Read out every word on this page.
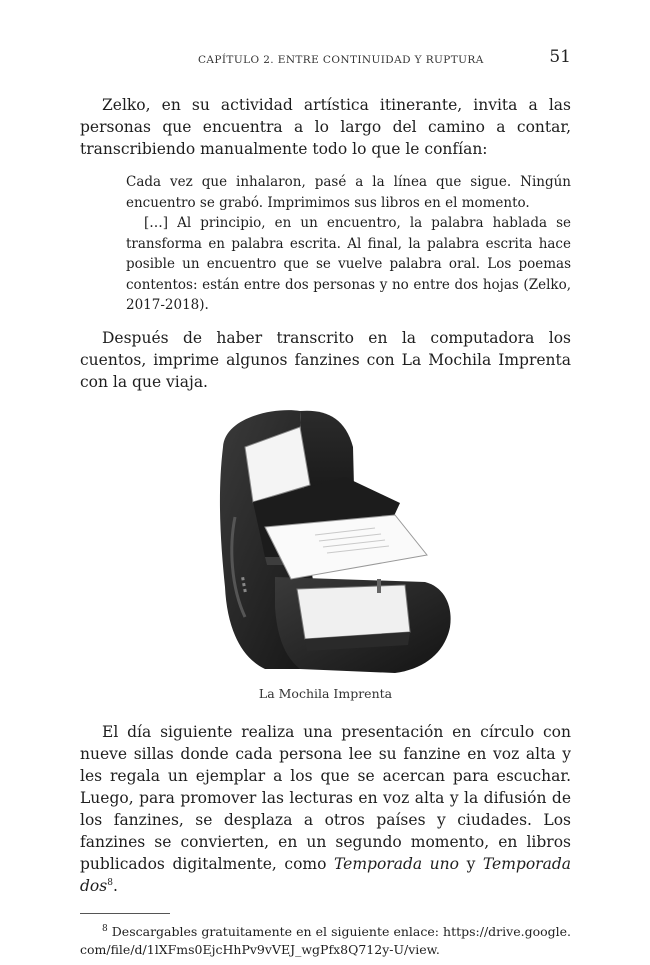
CAPÍTULO 2. ENTRE CONTINUIDAD Y RUPTURA	51

Zelko, en su actividad artística itinerante, invita a las personas que encuentra a lo largo del camino a contar, transcribiendo manualmente todo lo que le confían:

Cada vez que inhalaron, pasé a la línea que sigue. Ningún encuentro se grabó. Imprimimos sus libros en el momento.

[…] Al principio, en un encuentro, la palabra hablada se transforma en palabra escrita. Al final, la palabra escrita hace posible un encuentro que se vuelve palabra oral. Los poemas contentos: están entre dos personas y no entre dos hojas (Zelko, 2017-2018).

Después de haber transcrito en la computadora los cuentos, imprime algunos fanzines con La Mochila Imprenta con la que viaja.

▪ ▪ ▪

La Mochila Imprenta

El día siguiente realiza una presentación en círculo con nueve sillas donde cada persona lee su fanzine en voz alta y les regala un ejemplar a los que se acercan para escuchar. Luego, para promover las lecturas en voz alta y la difusión de los fanzines, se desplaza a otros países y ciudades. Los fanzines se convierten, en un segundo momento, en libros publicados digitalmente, como Temporada uno y Temporada dos$^8$.

$^8$ Descargables gratuitamente en el siguiente enlace: https://drive.google.com/file/d/1lXFms0EjcHhPv9vVEJ_wgPfx8Q712y-U/view.
